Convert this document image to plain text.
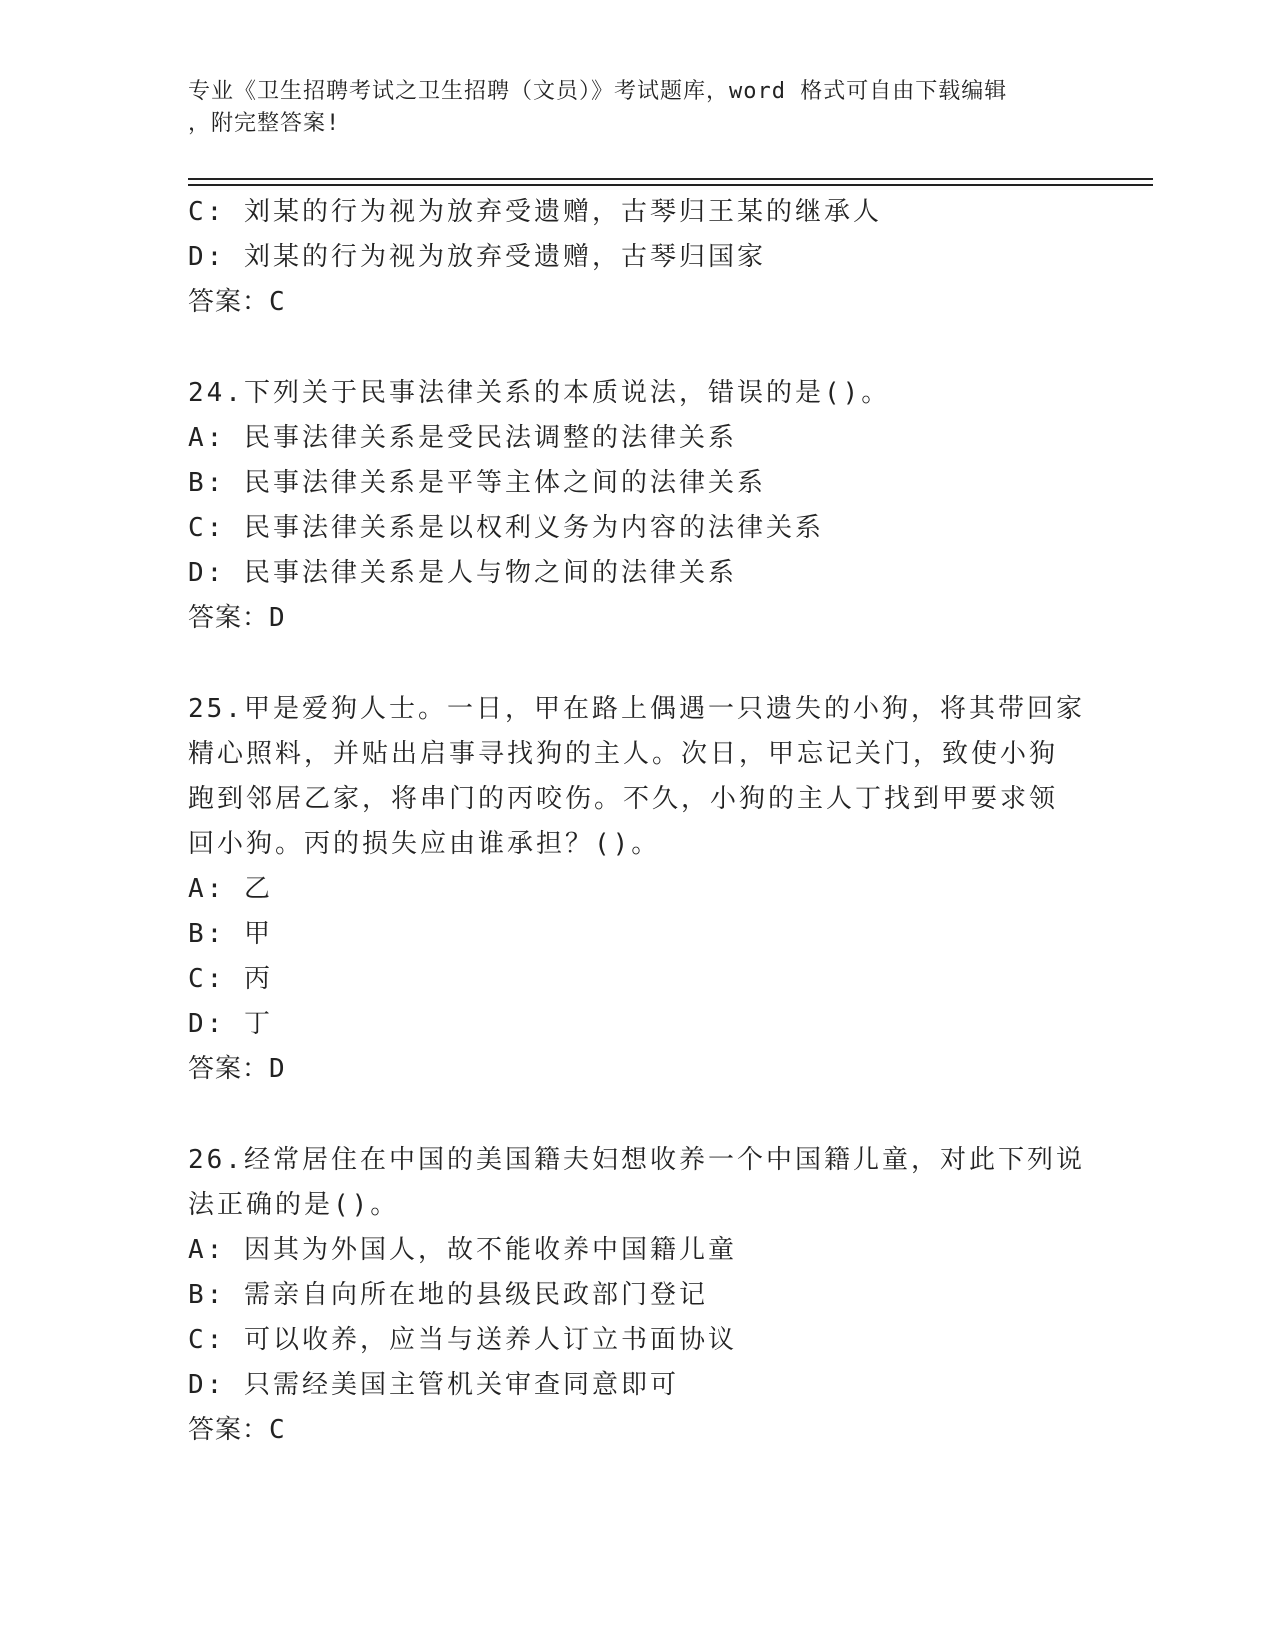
专业《卫生招聘考试之卫生招聘（文员）》考试题库，word 格式可自由下载编辑
，附完整答案!
C: 刘某的行为视为放弃受遗赠，古琴归王某的继承人
D: 刘某的行为视为放弃受遗赠，古琴归国家
答案：C
24.下列关于民事法律关系的本质说法，错误的是()。
A: 民事法律关系是受民法调整的法律关系
B: 民事法律关系是平等主体之间的法律关系
C: 民事法律关系是以权利义务为内容的法律关系
D: 民事法律关系是人与物之间的法律关系
答案：D
25.甲是爱狗人士。一日，甲在路上偶遇一只遗失的小狗，将其带回家
精心照料，并贴出启事寻找狗的主人。次日，甲忘记关门，致使小狗
跑到邻居乙家，将串门的丙咬伤。不久，小狗的主人丁找到甲要求领
回小狗。丙的损失应由谁承担？()。
A: 乙
B: 甲
C: 丙
D: 丁
答案：D
26.经常居住在中国的美国籍夫妇想收养一个中国籍儿童，对此下列说
法正确的是()。
A: 因其为外国人，故不能收养中国籍儿童
B: 需亲自向所在地的县级民政部门登记
C: 可以收养，应当与送养人订立书面协议
D: 只需经美国主管机关审查同意即可
答案：C
